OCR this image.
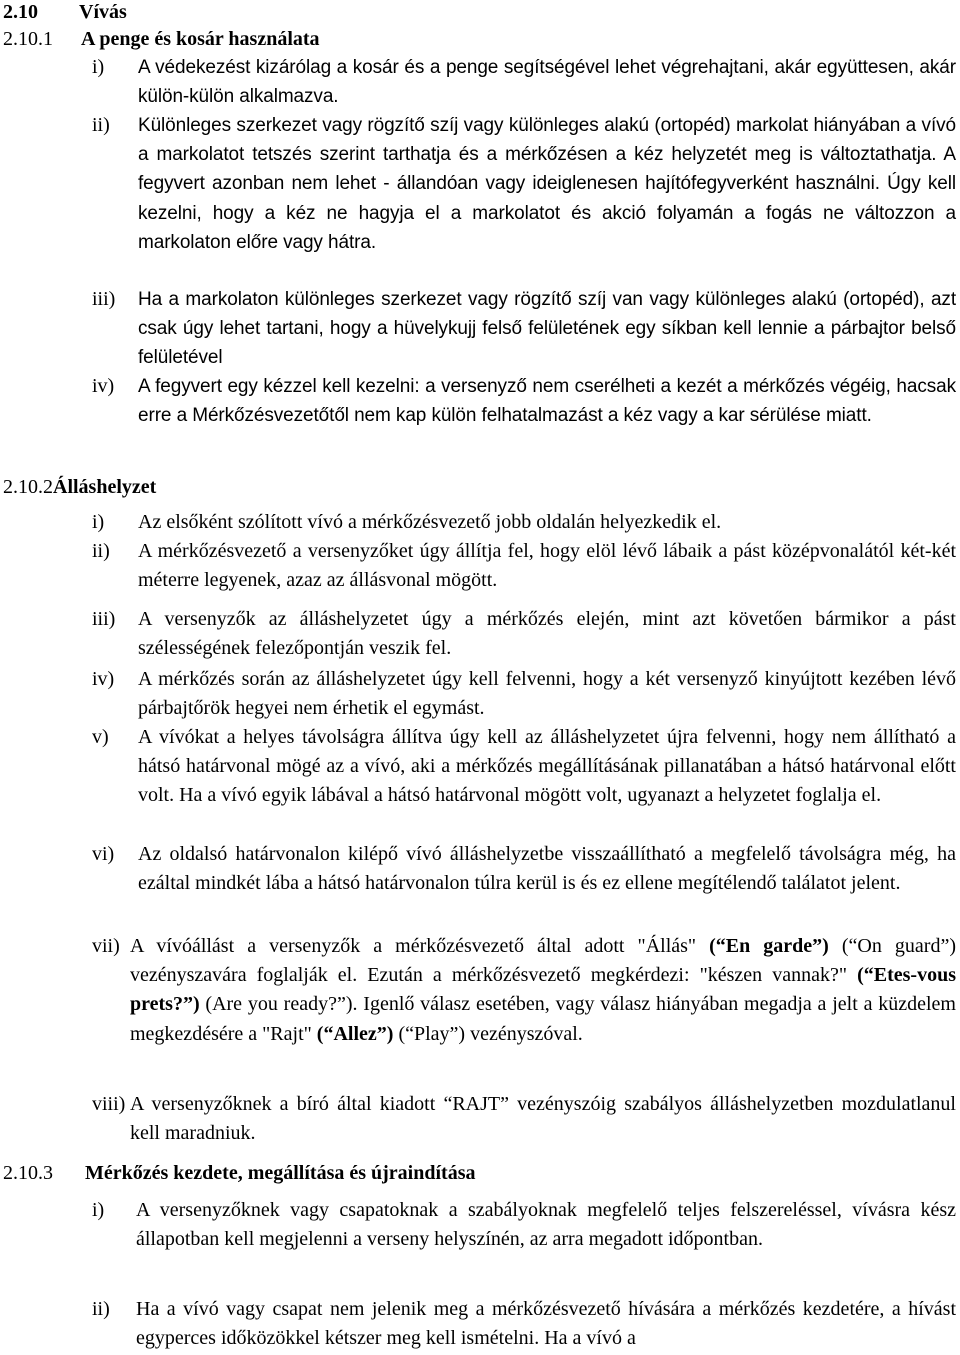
2.10 Vívás
2.10.1 A penge és kosár használata
i)	A védekezést kizárólag a kosár és a penge segítségével lehet végrehajtani, akár együttesen, akár külön-külön alkalmazva.
ii)	Különleges szerkezet vagy rögzítő szíj vagy különleges alakú (ortopéd) markolat hiányában a vívó a markolatot tetszés szerint tarthatja és a mérkőzésen a kéz helyzetét meg is változtathatja. A fegyvert azonban nem lehet - állandóan vagy ideiglenesen hajítófegyverként használni. Úgy kell kezelni, hogy a kéz ne hagyja el a markolatot és akció folyamán a fogás ne változzon a markolaton előre vagy hátra.
iii)	Ha a markolaton különleges szerkezet vagy rögzítő szíj van vagy különleges alakú (ortopéd), azt csak úgy lehet tartani, hogy a hüvelykujj felső felületének egy síkban kell lennie a párbajtor belső felületével
iv)	A fegyvert egy kézzel kell kezelni: a versenyző nem cserélheti a kezét a mérkőzés végéig, hacsak erre a Mérkőzésvezetőtől nem kap külön felhatalmazást a kéz vagy a kar sérülése miatt.
2.10.2Álláshelyzet
i)	Az elsőként szólított vívó a mérkőzésvezető jobb oldalán helyezkedik el.
ii)	A mérkőzésvezető a versenyzőket úgy állítja fel, hogy elöl lévő lábaik a pást középvonalától két-két méterre legyenek, azaz az állásvonal mögött.
iii)	A versenyzők az álláshelyzetet úgy a mérkőzés elején, mint azt követően bármikor a pást szélességének felezőpontján veszik fel.
iv)	A mérkőzés során az álláshelyzetet úgy kell felvenni, hogy a két versenyző kinyújtott kezében lévő párbajtőrök hegyei nem érhetik el egymást.
v)	A vívókat a helyes távolságra állítva úgy kell az álláshelyzetet újra felvenni, hogy nem állítható a hátsó határvonal mögé az a vívó, aki a mérkőzés megállításának pillanatában a hátsó határvonal előtt volt. Ha a vívó egyik lábával a hátsó határvonal mögött volt, ugyanazt a helyzetet foglalja el.
vi)	Az oldalsó határvonalon kilépő vívó álláshelyzetbe visszaállítható a megfelelő távolságra még, ha ezáltal mindkét lába a hátsó határvonalon túlra kerül is és ez ellene megítélendő találatot jelent.
vii) A vívóállást a versenyzők a mérkőzésvezető által adott "Állás" (“En garde”) (“On guard”) vezényszavára foglalják el. Ezután a mérkőzésvezető megkérdezi: "készen vannak?" (“Etes-vous prets?”) (Are you ready?”). Igenlő válasz esetében, vagy válasz hiányában megadja a jelt a küzdelem megkezdésére a "Rajt" (“Allez”) (“Play”) vezényszóval.
viii) A versenyzőknek a bíró által kiadott “RAJT” vezényszóig szabályos álláshelyzetben mozdulatlanul kell maradniuk.
2.10.3 Mérkőzés kezdete, megállítása és újraindítása
i)	A versenyzőknek vagy csapatoknak a szabályoknak megfelelő teljes felszereléssel, vívásra kész állapotban kell megjelenni a verseny helyszínén, az arra megadott időpontban.
ii)	Ha a vívó vagy csapat nem jelenik meg a mérkőzésvezető hívására a mérkőzés kezdetére, a hívást egyperces időközökkel kétszer meg kell ismételni. Ha a vívó a
